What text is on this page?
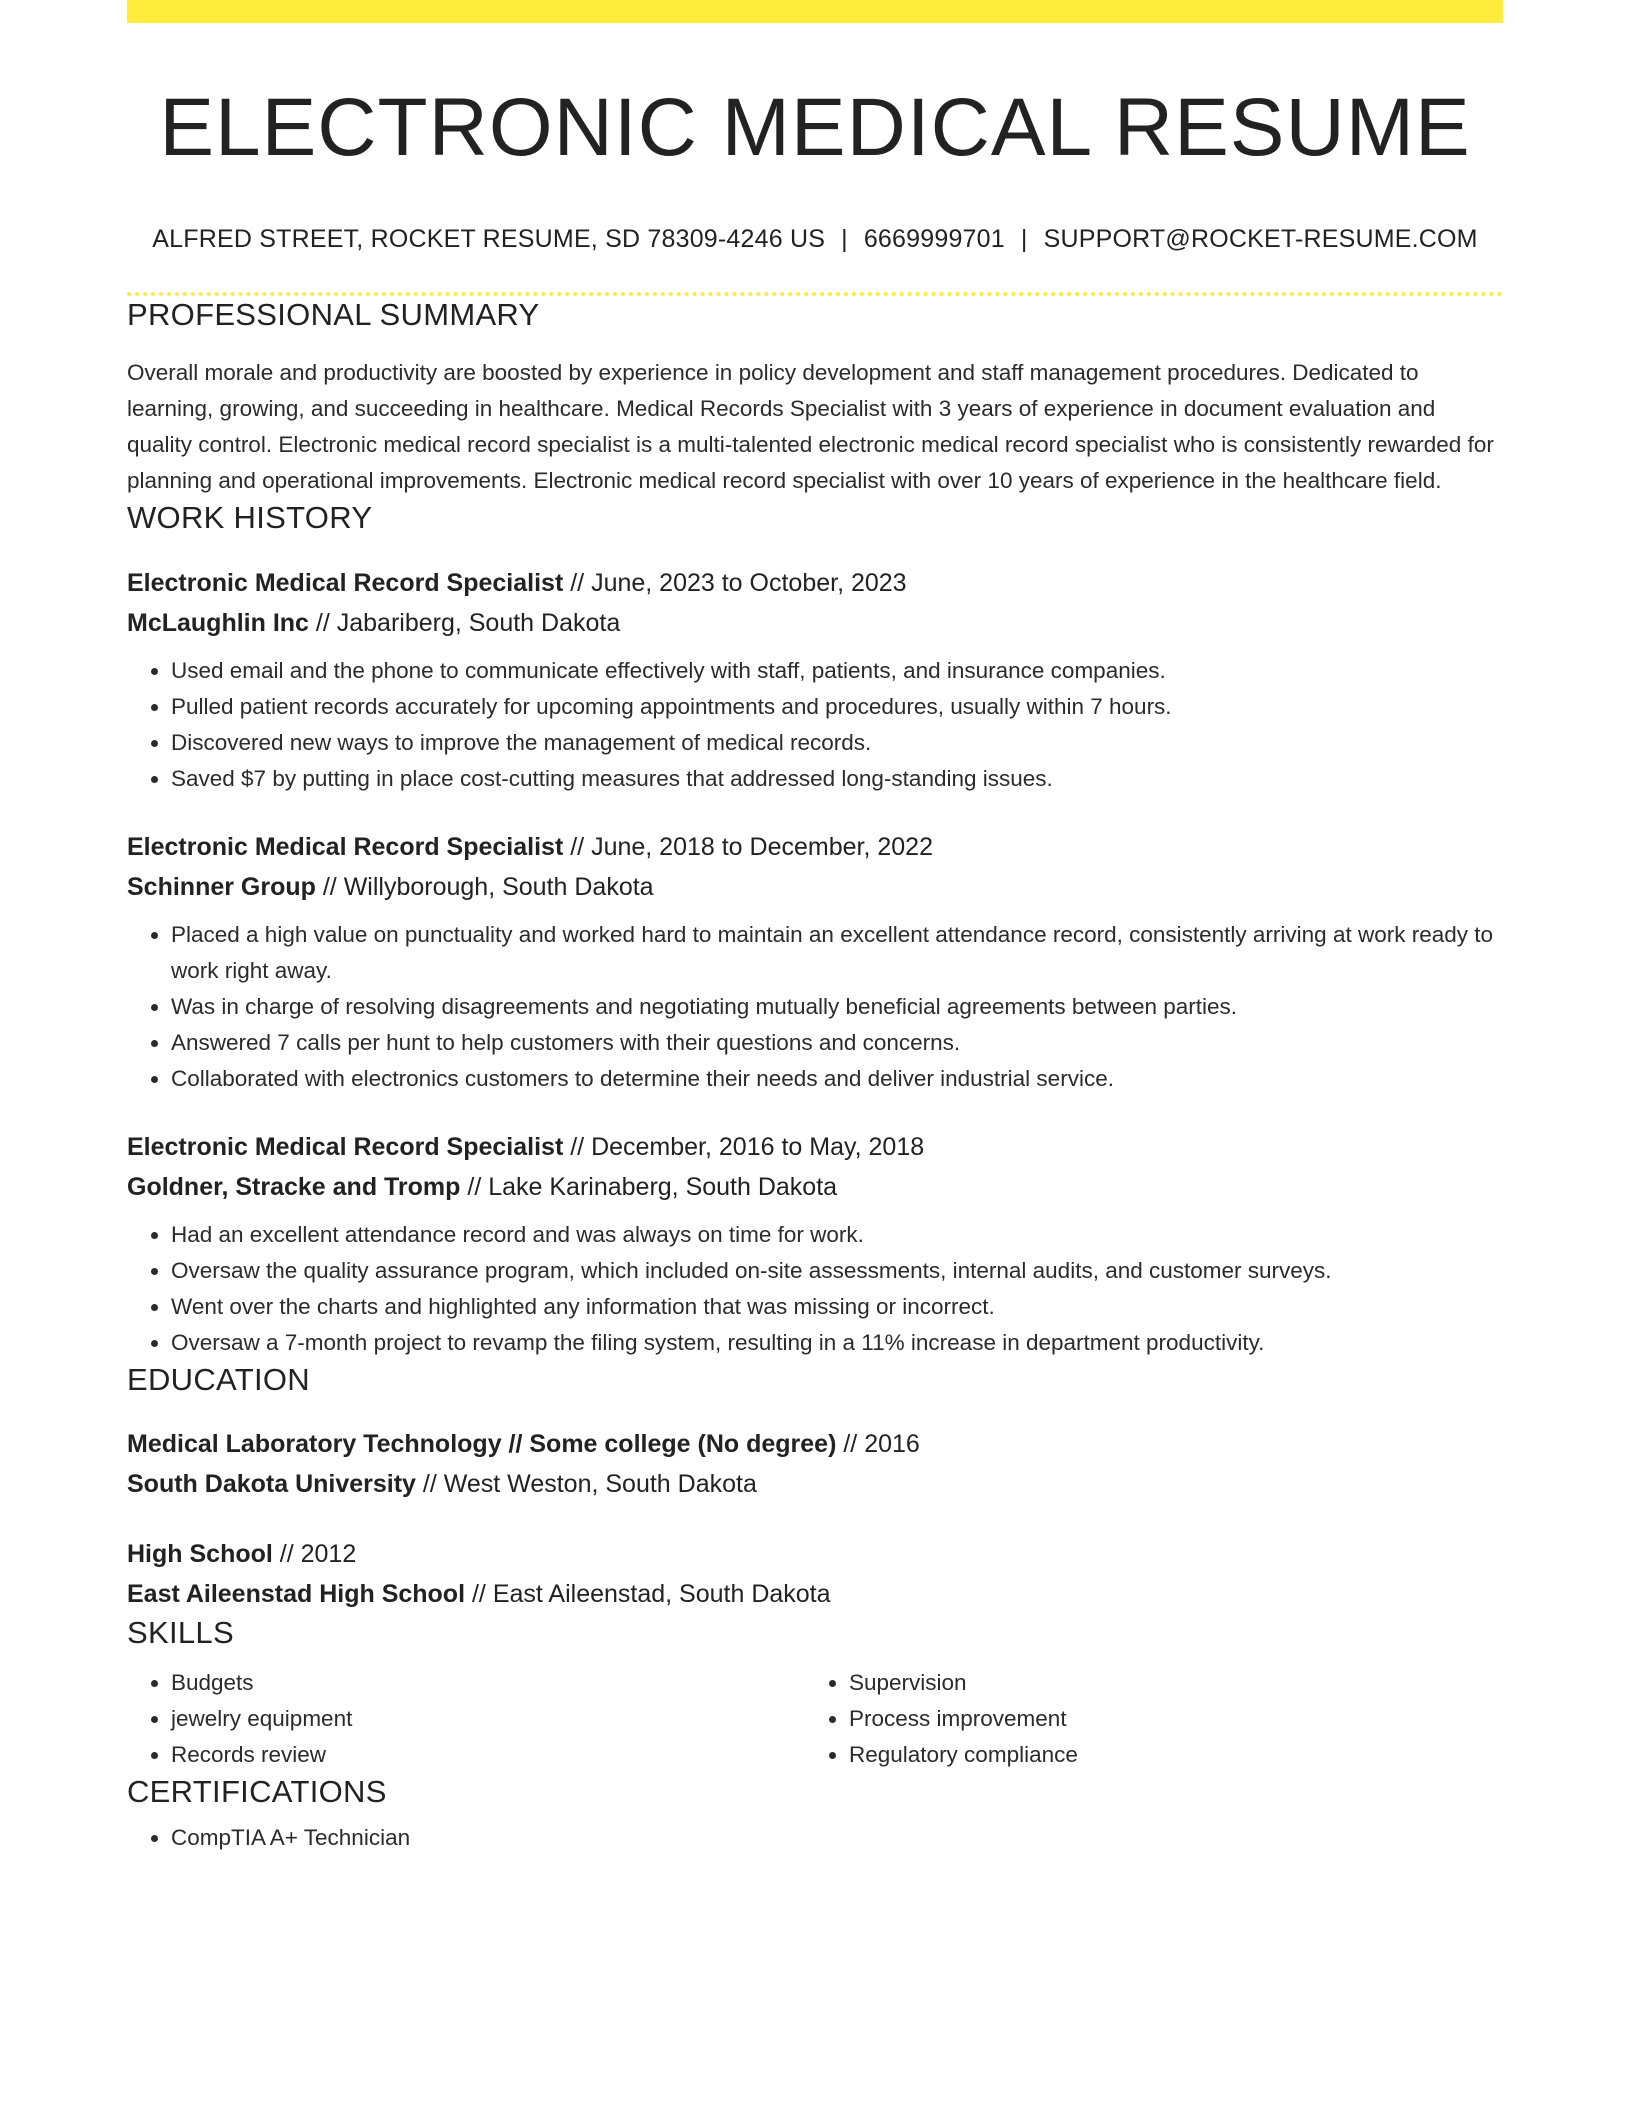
ELECTRONIC MEDICAL RESUME
ALFRED STREET, ROCKET RESUME, SD 78309-4246 US | 6669999701 | SUPPORT@ROCKET-RESUME.COM
PROFESSIONAL SUMMARY

Overall morale and productivity are boosted by experience in policy development and staff management procedures. Dedicated to learning, growing, and succeeding in healthcare. Medical Records Specialist with 3 years of experience in document evaluation and quality control. Electronic medical record specialist is a multi-talented electronic medical record specialist who is consistently rewarded for planning and operational improvements. Electronic medical record specialist with over 10 years of experience in the healthcare field.

WORK HISTORY
Electronic Medical Record Specialist // June, 2023 to October, 2023
McLaughlin Inc // Jabariberg, South Dakota
• Used email and the phone to communicate effectively with staff, patients, and insurance companies.
• Pulled patient records accurately for upcoming appointments and procedures, usually within 7 hours.
• Discovered new ways to improve the management of medical records.
• Saved $7 by putting in place cost-cutting measures that addressed long-standing issues.
Electronic Medical Record Specialist // June, 2018 to December, 2022
Schinner Group // Willyborough, South Dakota
• Placed a high value on punctuality and worked hard to maintain an excellent attendance record, consistently arriving at work ready to work right away.
• Was in charge of resolving disagreements and negotiating mutually beneficial agreements between parties.
• Answered 7 calls per hunt to help customers with their questions and concerns.
• Collaborated with electronics customers to determine their needs and deliver industrial service.
Electronic Medical Record Specialist // December, 2016 to May, 2018
Goldner, Stracke and Tromp // Lake Karinaberg, South Dakota
• Had an excellent attendance record and was always on time for work.
• Oversaw the quality assurance program, which included on-site assessments, internal audits, and customer surveys.
• Went over the charts and highlighted any information that was missing or incorrect.
• Oversaw a 7-month project to revamp the filing system, resulting in a 11% increase in department productivity.
EDUCATION
Medical Laboratory Technology // Some college (No degree) // 2016
South Dakota University // West Weston, South Dakota
High School // 2012
East Aileenstad High School // East Aileenstad, South Dakota
SKILLS
• Budgets
• jewelry equipment
• Records review
• Supervision
• Process improvement
• Regulatory compliance
CERTIFICATIONS
• CompTIA A+ Technician
